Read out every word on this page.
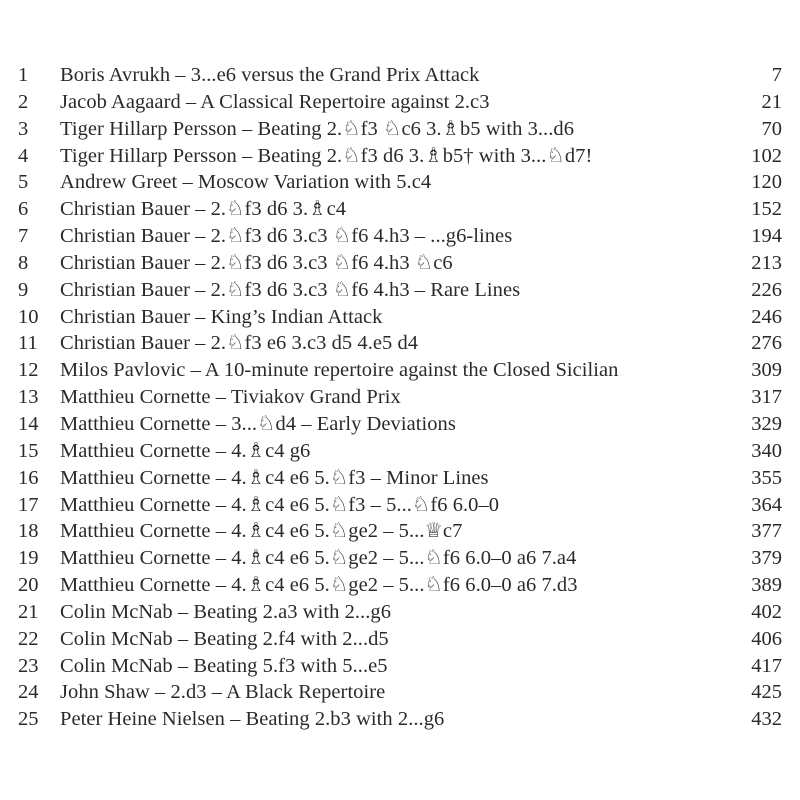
1 Boris Avrukh – 3...e6 versus the Grand Prix Attack	7
2 Jacob Aagaard – A Classical Repertoire against 2.c3	21
3 Tiger Hillarp Persson – Beating 2.♘f3 ♘c6 3.♗b5 with 3...d6	70
4 Tiger Hillarp Persson – Beating 2.♘f3 d6 3.♗b5† with 3...♘d7!	102
5 Andrew Greet – Moscow Variation with 5.c4	120
6 Christian Bauer – 2.♘f3 d6 3.♗c4	152
7 Christian Bauer – 2.♘f3 d6 3.c3 ♘f6 4.h3 – ...g6-lines	194
8 Christian Bauer – 2.♘f3 d6 3.c3 ♘f6 4.h3 ♘c6	213
9 Christian Bauer – 2.♘f3 d6 3.c3 ♘f6 4.h3 – Rare Lines	226
10 Christian Bauer – King’s Indian Attack	246
11 Christian Bauer – 2.♘f3 e6 3.c3 d5 4.e5 d4	276
12 Milos Pavlovic – A 10-minute repertoire against the Closed Sicilian	309
13 Matthieu Cornette – Tiviakov Grand Prix	317
14 Matthieu Cornette – 3...♘d4 – Early Deviations	329
15 Matthieu Cornette – 4.♗c4 g6	340
16 Matthieu Cornette – 4.♗c4 e6 5.♘f3 – Minor Lines	355
17 Matthieu Cornette – 4.♗c4 e6 5.♘f3 – 5...♘f6 6.0–0	364
18 Matthieu Cornette – 4.♗c4 e6 5.♘ge2 – 5...♕c7	377
19 Matthieu Cornette – 4.♗c4 e6 5.♘ge2 – 5...♘f6 6.0–0 a6 7.a4	379
20 Matthieu Cornette – 4.♗c4 e6 5.♘ge2 – 5...♘f6 6.0–0 a6 7.d3	389
21 Colin McNab – Beating 2.a3 with 2...g6	402
22 Colin McNab – Beating 2.f4 with 2...d5	406
23 Colin McNab – Beating 5.f3 with 5...e5	417
24 John Shaw – 2.d3 – A Black Repertoire	425
25 Peter Heine Nielsen – Beating 2.b3 with 2...g6	432
